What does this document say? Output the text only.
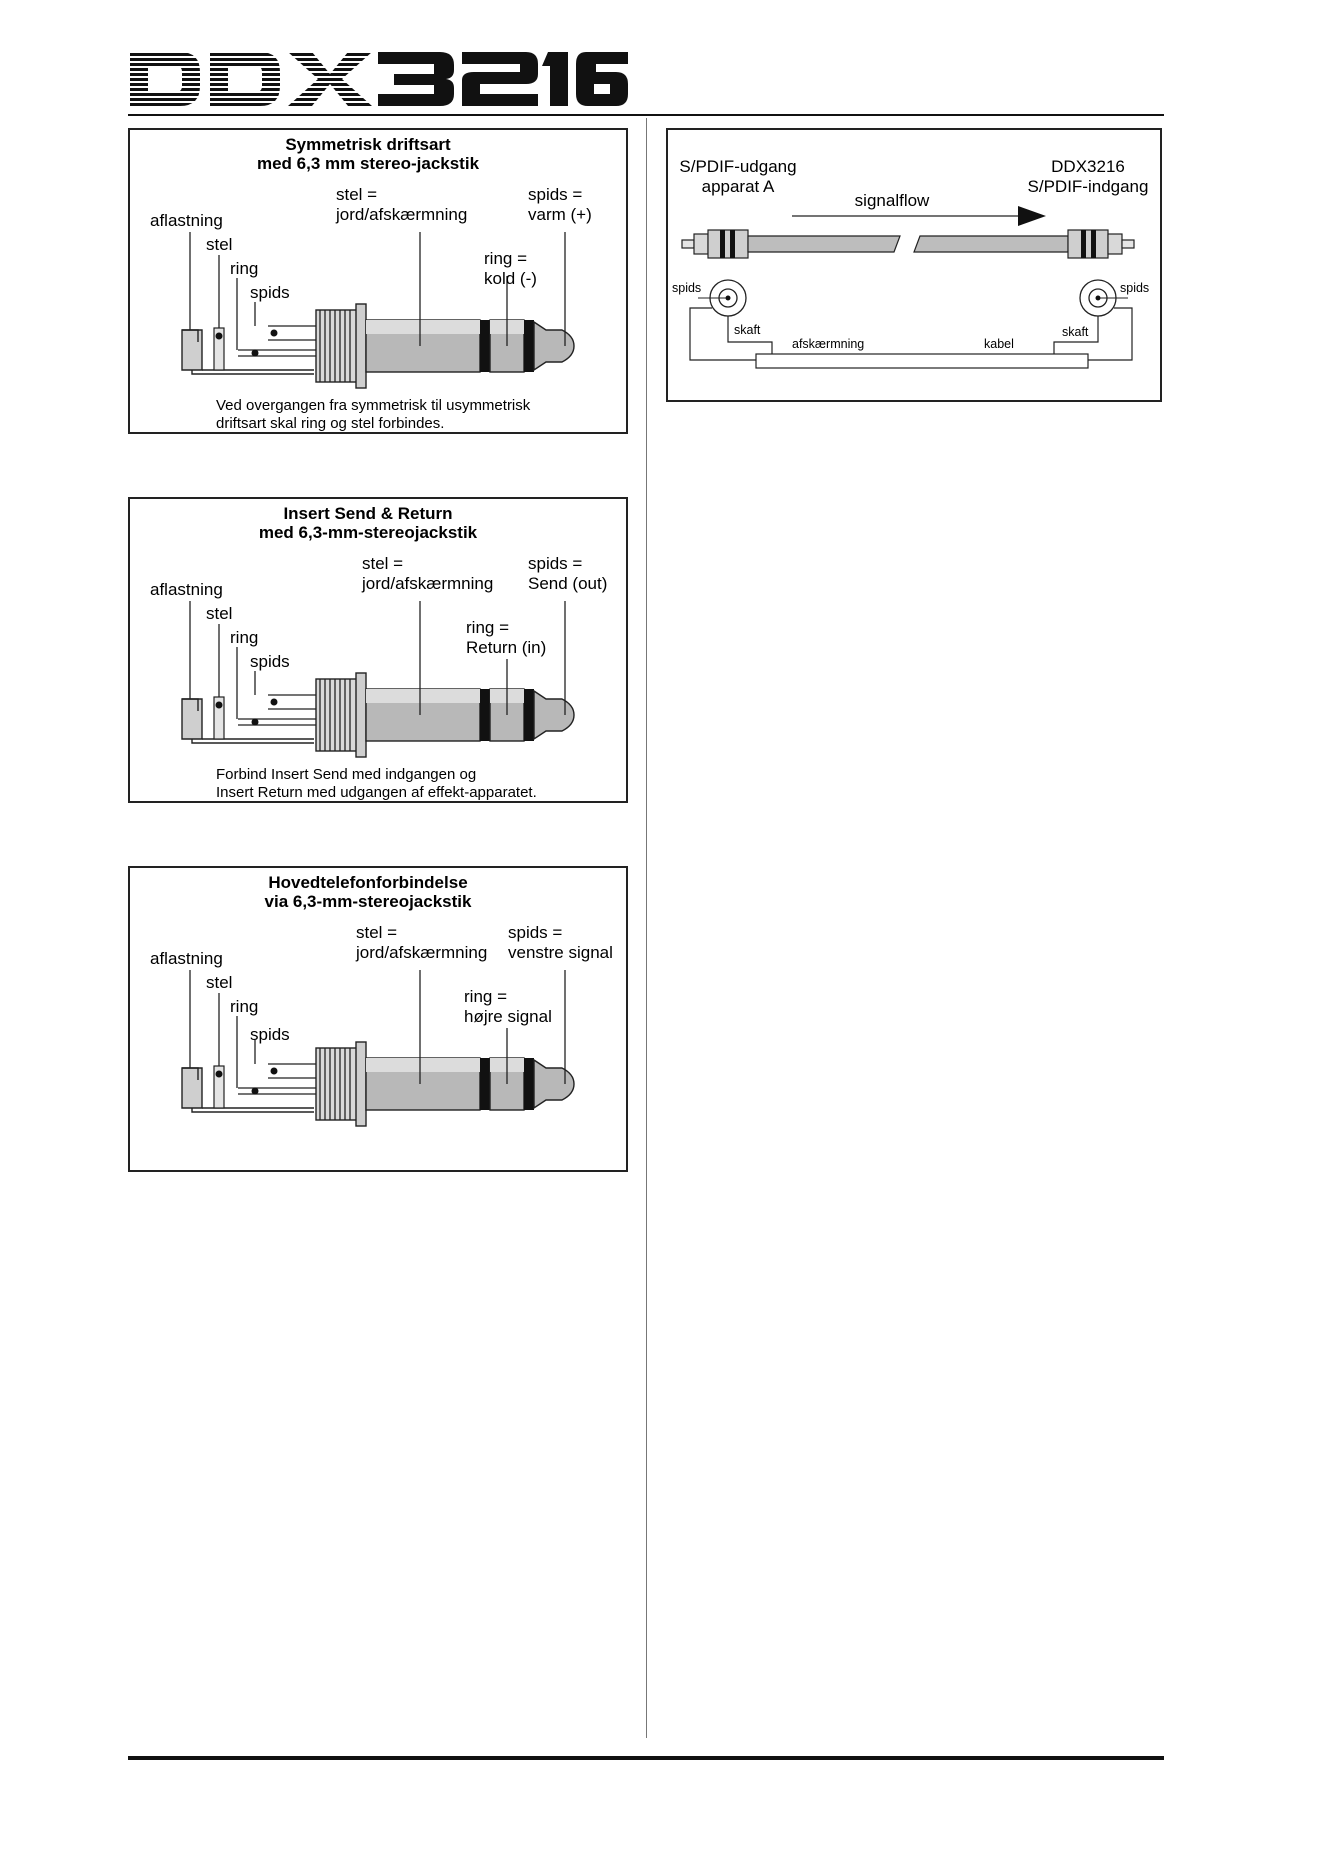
Symmetrisk driftsart
med 6,3 mm stereo-jackstik
aflastning
stel
ring
spids
stel =
jord/afskærmning
ring =
kold (-)
spids =
varm (+)
Ved overgangen fra symmetrisk til usymmetrisk
driftsart skal ring og stel forbindes.
Insert Send & Return
med 6,3-mm-stereojackstik
aflastning
stel
ring
spids
stel =
jord/afskærmning
ring =
Return (in)
spids =
Send (out)
Forbind Insert Send med indgangen og
Insert Return med udgangen af effekt-apparatet.
Hovedtelefonforbindelse
via 6,3-mm-stereojackstik
aflastning
stel
ring
spids
stel =
jord/afskærmning
ring =
højre signal
spids =
venstre signal
S/PDIF-udgang
apparat A
DDX3216
S/PDIF-indgang
signalflow
spids	spids
skaft	skaft
afskærmning	kabel
